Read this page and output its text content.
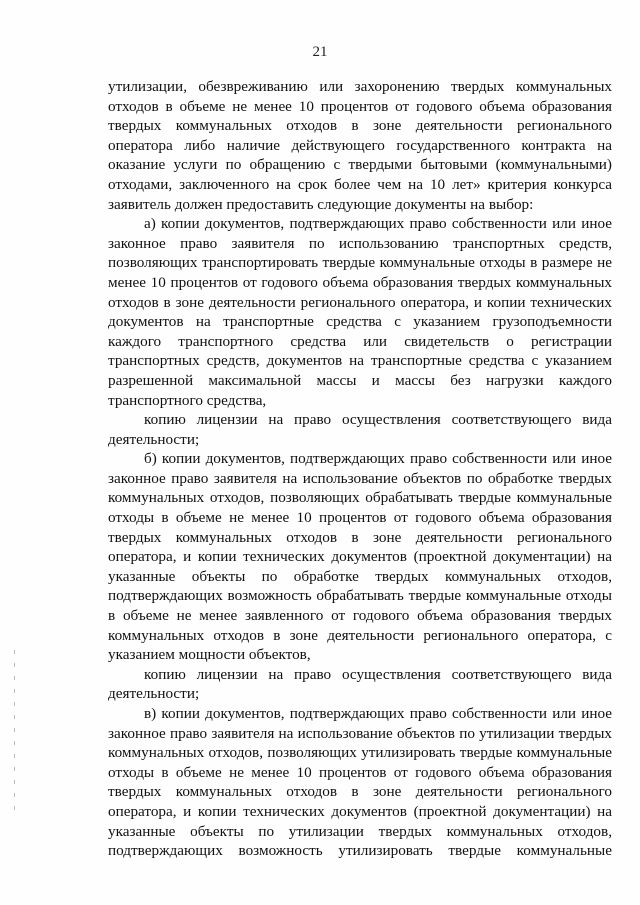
21

утилизации, обезвреживанию или захоронению твердых коммунальных отходов в объеме не менее 10 процентов от годового объема образования твердых коммунальных отходов в зоне деятельности регионального оператора либо наличие действующего государственного контракта на оказание услуги по обращению с твердыми бытовыми (коммунальными) отходами, заключенного на срок более чем на 10 лет» критерия конкурса заявитель должен предоставить следующие документы на выбор:

а) копии документов, подтверждающих право собственности или иное законное право заявителя по использованию транспортных средств, позволяющих транспортировать твердые коммунальные отходы в размере не менее 10 процентов от годового объема образования твердых коммунальных отходов в зоне деятельности регионального оператора, и копии технических документов на транспортные средства с указанием грузоподъемности каждого транспортного средства или свидетельств о регистрации транспортных средств, документов на транспортные средства с указанием разрешенной максимальной массы и массы без нагрузки каждого транспортного средства,

копию лицензии на право осуществления соответствующего вида деятельности;

б) копии документов, подтверждающих право собственности или иное законное право заявителя на использование объектов по обработке твердых коммунальных отходов, позволяющих обрабатывать твердые коммунальные отходы в объеме не менее 10 процентов от годового объема образования твердых коммунальных отходов в зоне деятельности регионального оператора, и копии технических документов (проектной документации) на указанные объекты по обработке твердых коммунальных отходов, подтверждающих возможность обрабатывать твердые коммунальные отходы в объеме не менее заявленного от годового объема образования твердых коммунальных отходов в зоне деятельности регионального оператора, с указанием мощности объектов,

копию лицензии на право осуществления соответствующего вида деятельности;

в) копии документов, подтверждающих право собственности или иное законное право заявителя на использование объектов по утилизации твердых коммунальных отходов, позволяющих утилизировать твердые коммунальные отходы в объеме не менее 10 процентов от годового объема образования твердых коммунальных отходов в зоне деятельности регионального оператора, и копии технических документов (проектной документации) на указанные объекты по утилизации твердых коммунальных отходов, подтверждающих возможность утилизировать твердые коммунальные
